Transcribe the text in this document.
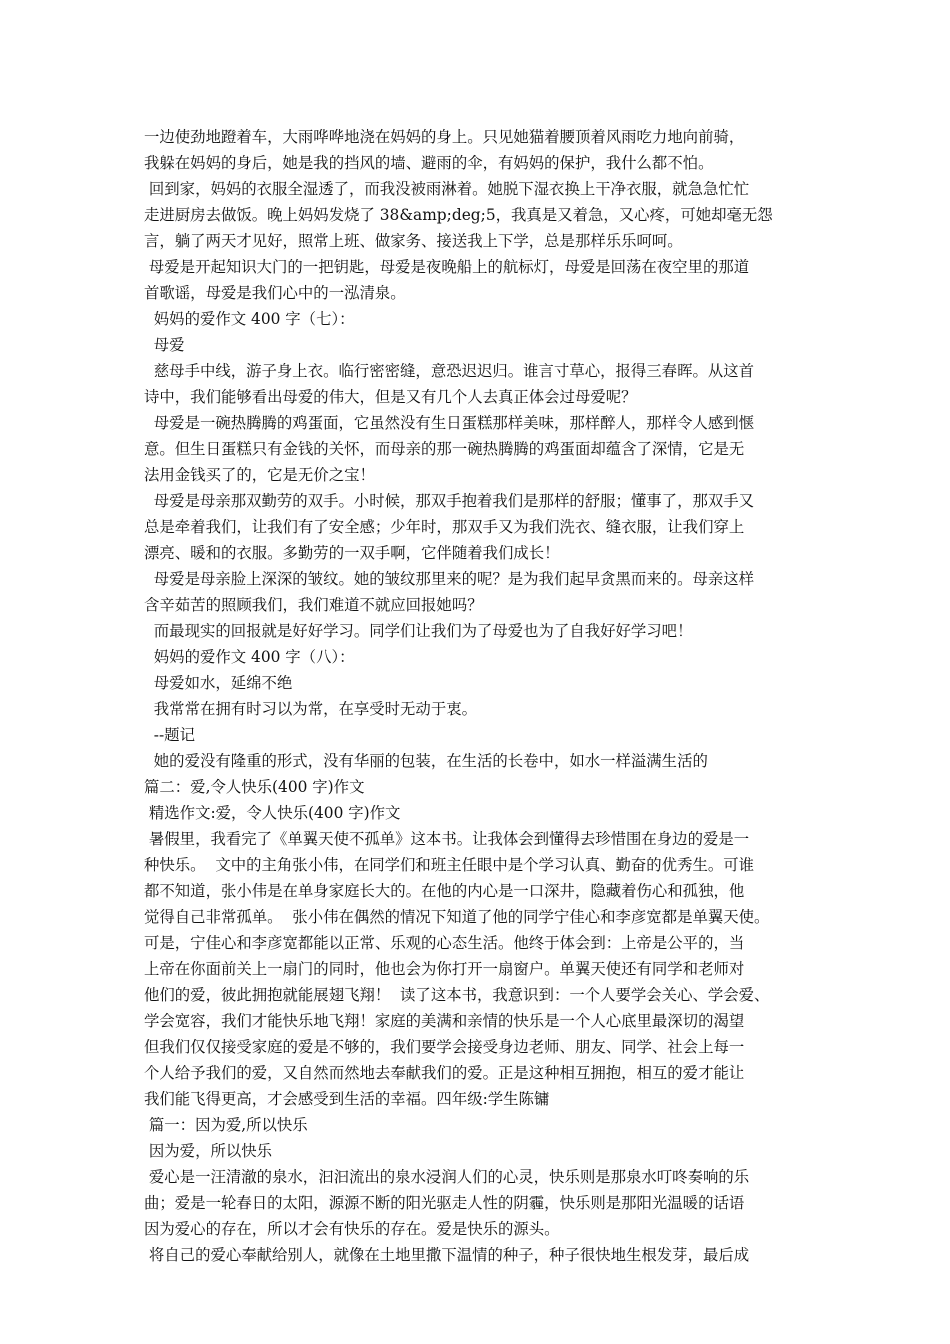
一边使劲地蹬着车，大雨哗哗地浇在妈妈的身上。只见她猫着腰顶着风雨吃力地向前骑，
我躲在妈妈的身后，她是我的挡风的墙、避雨的伞，有妈妈的保护，我什么都不怕。
回到家，妈妈的衣服全湿透了，而我没被雨淋着。她脱下湿衣换上干净衣服，就急急忙忙
走进厨房去做饭。晚上妈妈发烧了 38&amp;deg;5，我真是又着急，又心疼，可她却毫无怨
言，躺了两天才见好，照常上班、做家务、接送我上下学，总是那样乐乐呵呵。
母爱是开起知识大门的一把钥匙，母爱是夜晚船上的航标灯，母爱是回荡在夜空里的那道
首歌谣，母爱是我们心中的一泓清泉。
妈妈的爱作文 400 字（七）：
母爱
慈母手中线，游子身上衣。临行密密缝，意恐迟迟归。谁言寸草心，报得三春晖。从这首
诗中，我们能够看出母爱的伟大，但是又有几个人去真正体会过母爱呢？
母爱是一碗热腾腾的鸡蛋面，它虽然没有生日蛋糕那样美味，那样醉人，那样令人感到惬
意。但生日蛋糕只有金钱的关怀，而母亲的那一碗热腾腾的鸡蛋面却蕴含了深情，它是无
法用金钱买了的，它是无价之宝！
母爱是母亲那双勤劳的双手。小时候，那双手抱着我们是那样的舒服；懂事了，那双手又
总是牵着我们，让我们有了安全感；少年时，那双手又为我们洗衣、缝衣服，让我们穿上
漂亮、暖和的衣服。多勤劳的一双手啊，它伴随着我们成长！
母爱是母亲脸上深深的皱纹。她的皱纹那里来的呢？是为我们起早贪黑而来的。母亲这样
含辛茹苦的照顾我们，我们难道不就应回报她吗？
而最现实的回报就是好好学习。同学们让我们为了母爱也为了自我好好学习吧！
妈妈的爱作文 400 字（八）：
母爱如水，延绵不绝
我常常在拥有时习以为常，在享受时无动于衷。
--题记
她的爱没有隆重的形式，没有华丽的包装，在生活的长卷中，如水一样溢满生活的
篇二：爱,令人快乐(400 字)作文
精选作文:爱，令人快乐(400 字)作文
暑假里，我看完了《单翼天使不孤单》这本书。让我体会到懂得去珍惜围在身边的爱是一
种快乐。  文中的主角张小伟，在同学们和班主任眼中是个学习认真、勤奋的优秀生。可谁
都不知道，张小伟是在单身家庭长大的。在他的内心是一口深井，隐藏着伤心和孤独，他
觉得自己非常孤单。  张小伟在偶然的情况下知道了他的同学宁佳心和李彦宽都是单翼天使。
可是，宁佳心和李彦宽都能以正常、乐观的心态生活。他终于体会到：上帝是公平的，当
上帝在你面前关上一扇门的同时，他也会为你打开一扇窗户。单翼天使还有同学和老师对
他们的爱，彼此拥抱就能展翅飞翔！  读了这本书，我意识到：一个人要学会关心、学会爱、
学会宽容，我们才能快乐地飞翔！家庭的美满和亲情的快乐是一个人心底里最深切的渴望
但我们仅仅接受家庭的爱是不够的，我们要学会接受身边老师、朋友、同学、社会上每一
个人给予我们的爱，又自然而然地去奉献我们的爱。正是这种相互拥抱，相互的爱才能让
我们能飞得更高，才会感受到生活的幸福。四年级:学生陈镛
篇一：因为爱,所以快乐
因为爱，所以快乐
爱心是一汪清澈的泉水，汩汩流出的泉水浸润人们的心灵，快乐则是那泉水叮咚奏响的乐
曲；爱是一轮春日的太阳，源源不断的阳光驱走人性的阴霾，快乐则是那阳光温暖的话语
因为爱心的存在，所以才会有快乐的存在。爱是快乐的源头。
将自己的爱心奉献给别人，就像在土地里撒下温情的种子，种子很快地生根发芽，最后成
